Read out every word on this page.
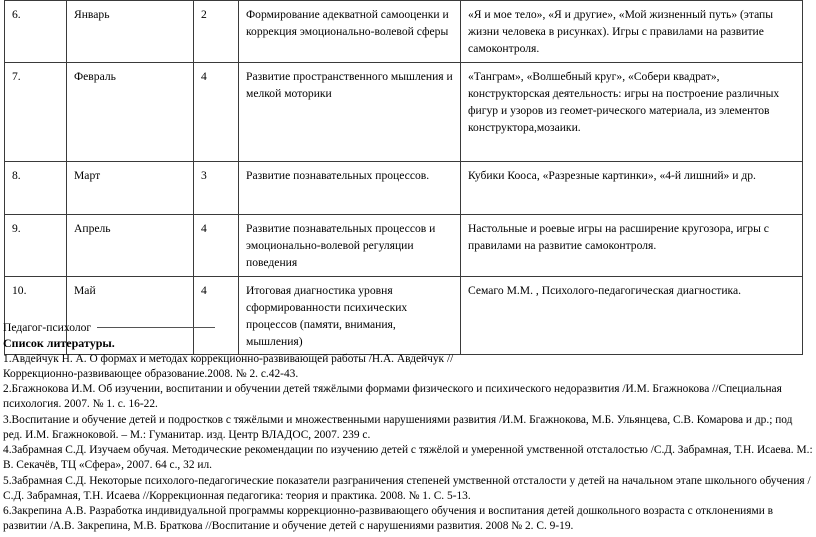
6.	Январь	2	Формирование адекватной самооценки и коррекция эмоционально-волевой сферы	«Я и мое тело», «Я и другие», «Мой жизненный путь» (этапы жизни человека в рисунках). Игры с правилами на развитие самоконтроля.
7.	Февраль	4	Развитие пространственного мышления и мелкой моторики	«Танграм», «Волшебный круг», «Собери квадрат», конструкторская деятельность: игры на построение различных фигур и узоров из геомет-рического материала, из элементов конструктора,мозаики.
8.	Март	3	Развитие познавательных процессов.	Кубики Кооса, «Разрезные картинки», «4-й лишний» и др.
9.	Апрель	4	Развитие познавательных процессов и эмоционально-волевой регуляции поведения	Настольные и роевые игры на расширение кругозора, игры с правилами на развитие самоконтроля.
10.	Май	4	Итоговая диагностика уровня сформированности психических процессов (памяти, внимания, мышления)	Семаго М.М. , Психолого-педагогическая диагностика.
Педагог-психолог
Список литературы.

1.Авдейчук Н. А. О формах и методах коррекционно-развивающей работы /Н.А. Авдейчук //Коррекционно-развивающее образование.2008. № 2. с.42-43.

2.Бгажнокова И.М. Об изучении, воспитании и обучении детей тяжёлыми формами физического и психического недоразвития /И.М. Бгажнокова //Специальная психология. 2007. № 1. с. 16-22.

3.Воспитание и обучение детей и подростков с тяжёлыми и множественными нарушениями развития /И.М. Бгажнокова, М.Б. Ульянцева, С.В. Комарова и др.; под ред. И.М. Бгажноковой. – М.: Гуманитар. изд. Центр ВЛАДОС, 2007. 239 с.

4.Забрамная С.Д. Изучаем обучая. Методические рекомендации по изучению детей с тяжёлой и умеренной умственной отсталостью /С.Д. Забрамная, Т.Н. Исаева. М.: В. Секачёв, ТЦ «Сфера», 2007. 64 с., 32 ил.

5.Забрамная С.Д. Некоторые психолого-педагогические показатели разграничения степеней умственной отсталости у детей на начальном этапе школьного обучения /С.Д. Забрамная, Т.Н. Исаева //Коррекционная педагогика: теория и практика. 2008. № 1. С. 5-13.

6.Закрепина А.В. Разработка индивидуальной программы коррекционно-развивающего обучения и воспитания детей дошкольного возраста с отклонениями в развитии /А.В. Закрепина, М.В. Браткова //Воспитание и обучение детей с нарушениями развития. 2008 № 2. С. 9-19.
